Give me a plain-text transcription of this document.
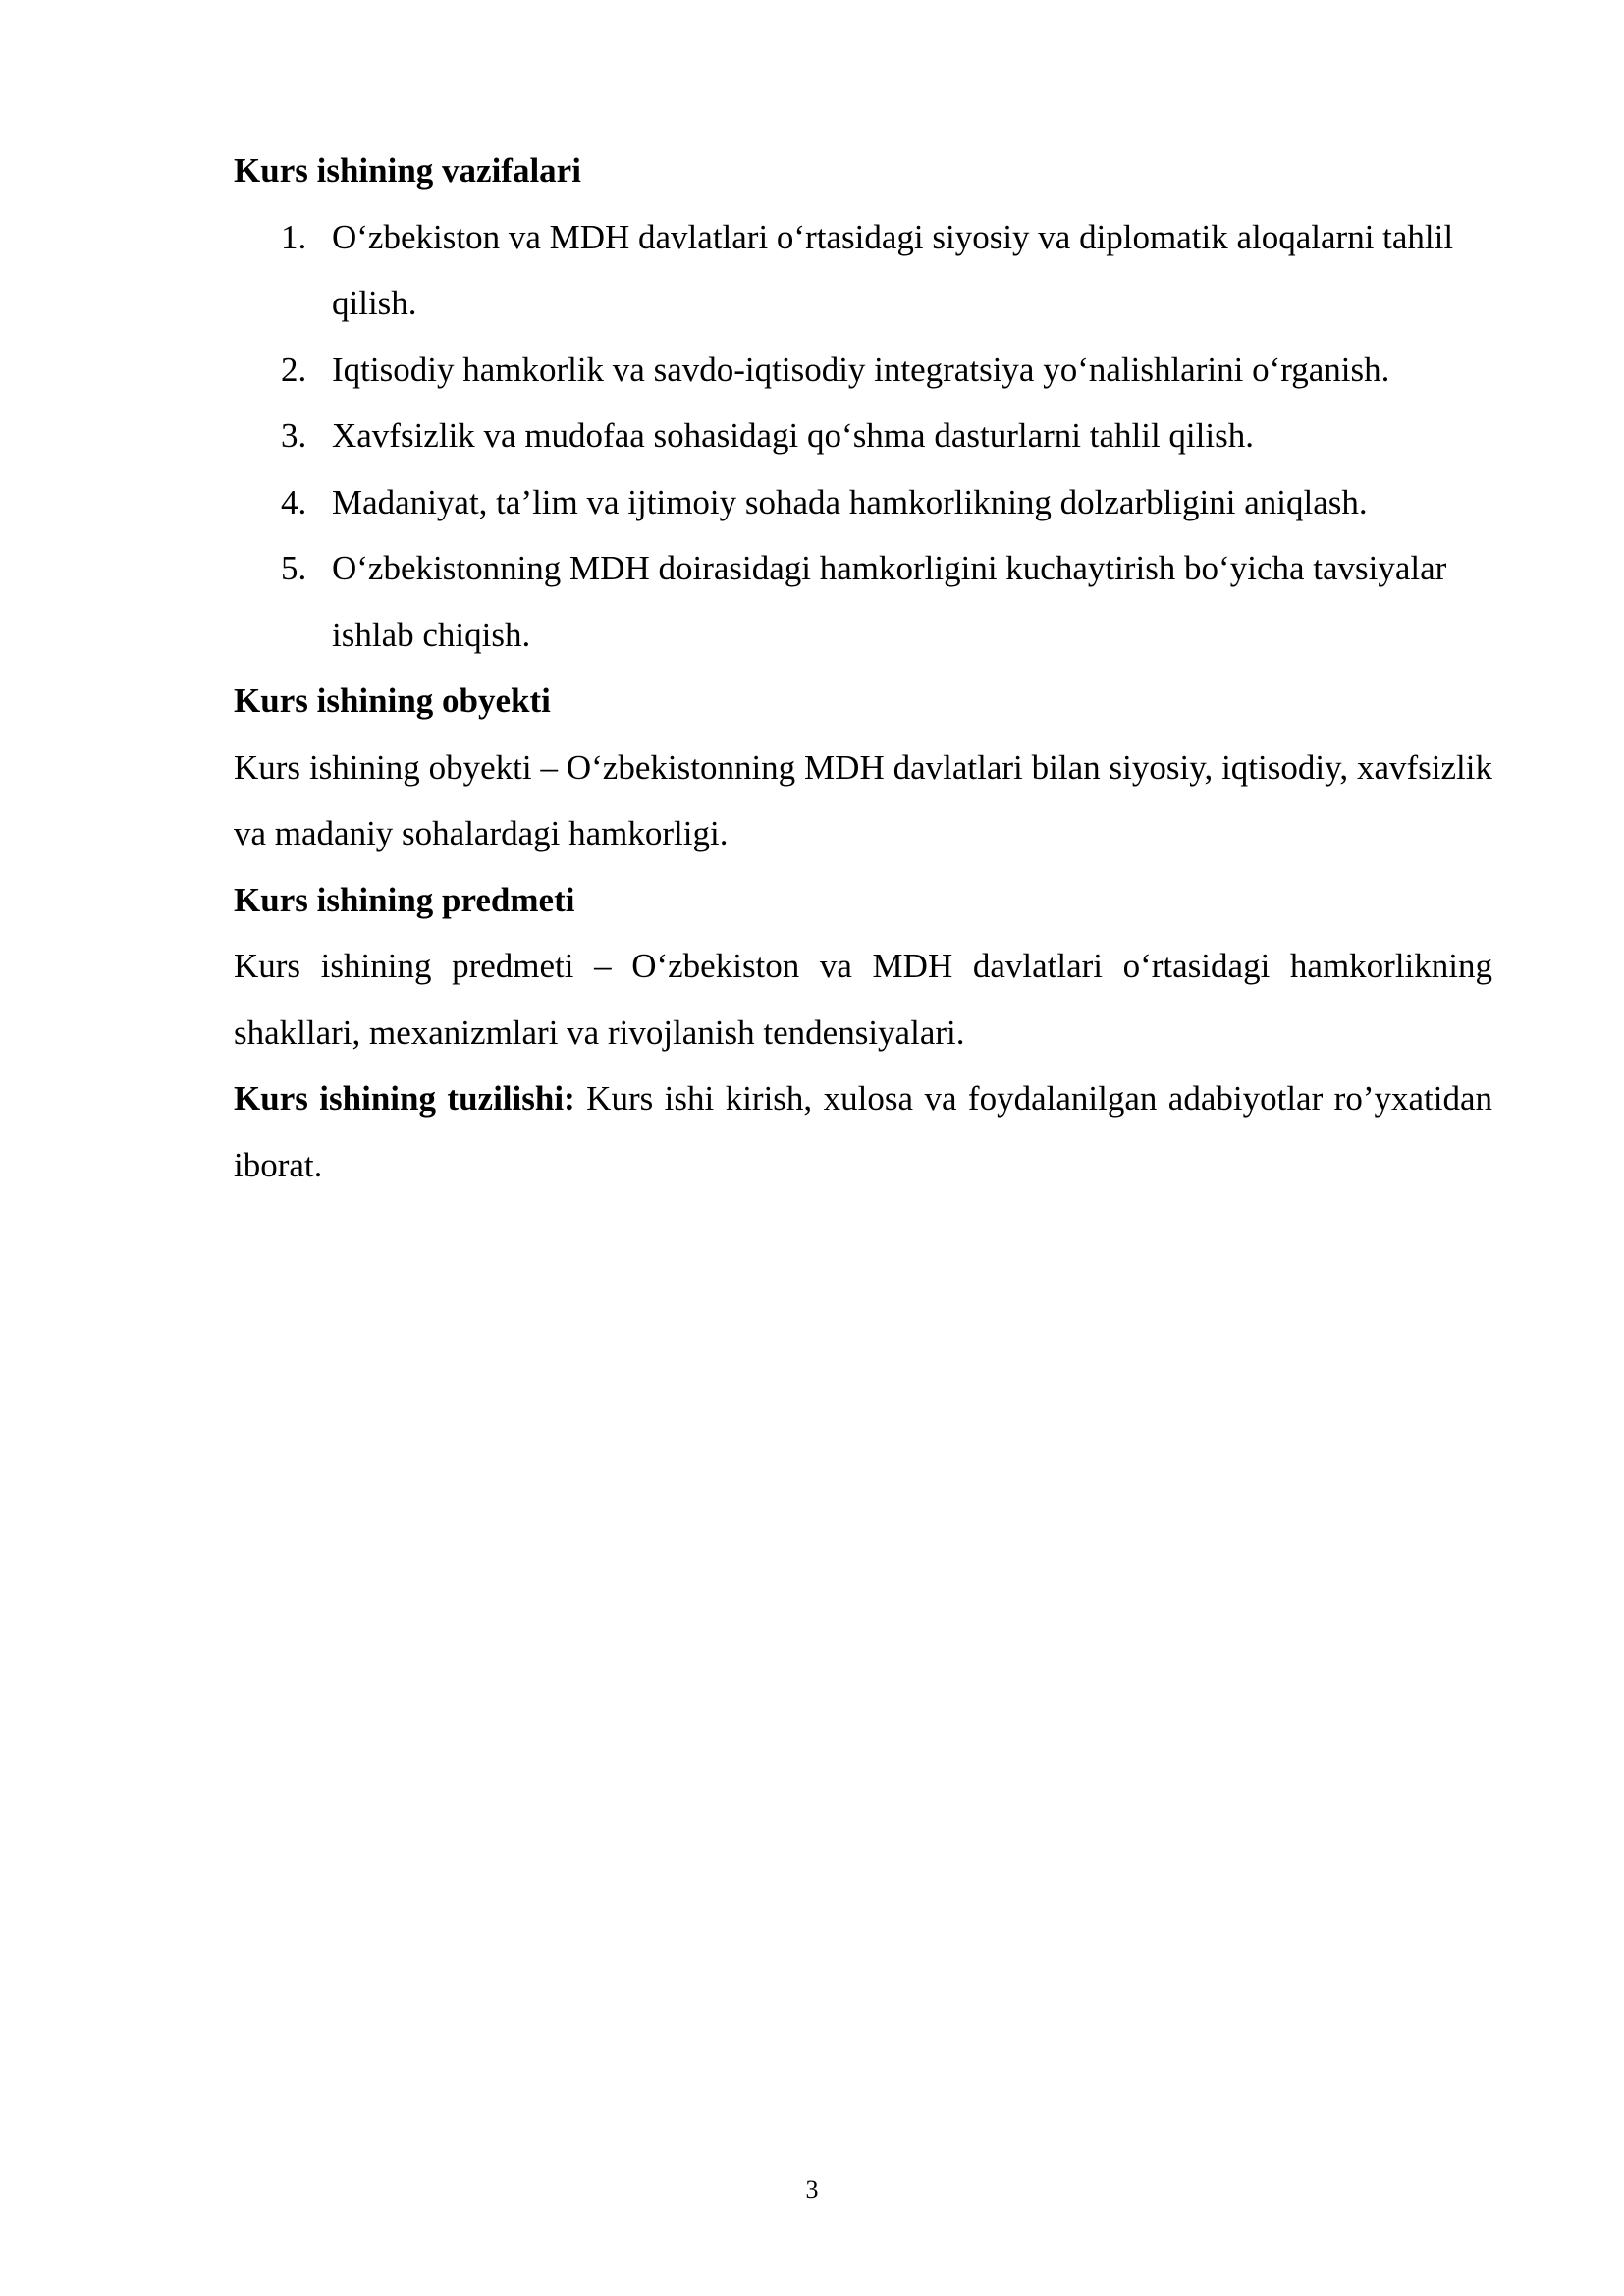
Kurs ishining vazifalari

1. O‘zbekiston va MDH davlatlari o‘rtasidagi siyosiy va diplomatik aloqalarni tahlil qilish.
2. Iqtisodiy hamkorlik va savdo-iqtisodiy integratsiya yo‘nalishlarini o‘rganish.
3. Xavfsizlik va mudofaa sohasidagi qo‘shma dasturlarni tahlil qilish.
4. Madaniyat, ta’lim va ijtimoiy sohada hamkorlikning dolzarbligini aniqlash.
5. O‘zbekistonning MDH doirasidagi hamkorligini kuchaytirish bo‘yicha tavsiyalar ishlab chiqish.

Kurs ishining obyekti

Kurs ishining obyekti – O‘zbekistonning MDH davlatlari bilan siyosiy, iqtisodiy, xavfsizlik va madaniy sohalardagi hamkorligi.

Kurs ishining predmeti

Kurs ishining predmeti – O‘zbekiston va MDH davlatlari o‘rtasidagi hamkorlikning shakllari, mexanizmlari va rivojlanish tendensiyalari.

Kurs ishining tuzilishi: Kurs ishi kirish, xulosa va foydalanilgan adabiyotlar ro’yxatidan iborat.

3
